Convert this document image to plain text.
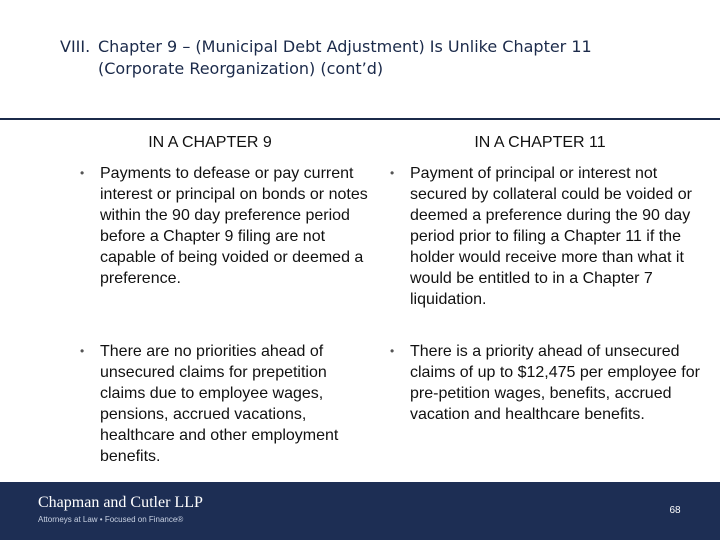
VIII. Chapter 9 – (Municipal Debt Adjustment) Is Unlike Chapter 11 (Corporate Reorganization) (cont’d)
IN A CHAPTER 9	IN A CHAPTER 11
• Payments to defease or pay current interest or principal on bonds or notes within the 90 day preference period before a Chapter 9 filing are not capable of being voided or deemed a preference.
• There are no priorities ahead of unsecured claims for prepetition claims due to employee wages, pensions, accrued vacations, healthcare and other employment benefits.
• Payment of principal or interest not secured by collateral could be voided or deemed a preference during the 90 day period prior to filing a Chapter 11 if the holder would receive more than what it would be entitled to in a Chapter 7 liquidation.
• There is a priority ahead of unsecured claims of up to $12,475 per employee for pre-petition wages, benefits, accrued vacation and healthcare benefits.
Chapman and Cutler LLP
Attorneys at Law • Focused on Finance®
68
